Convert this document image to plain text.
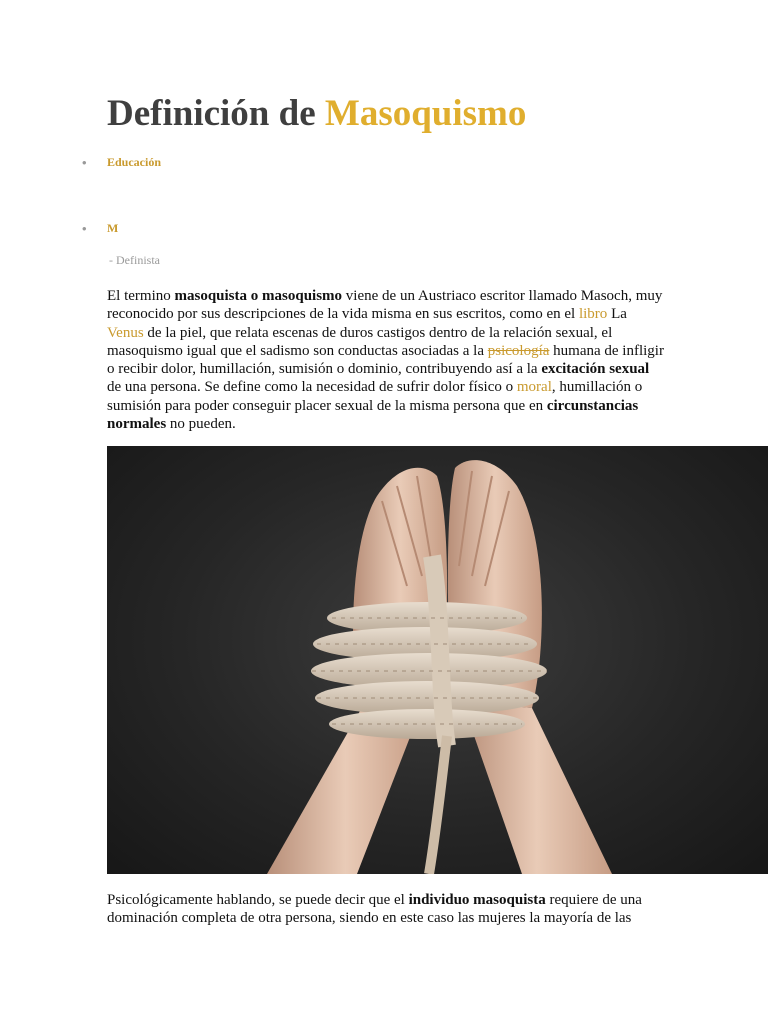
Definición de Masoquismo
• Educación
• M
- Definista

El termino masoquista o masoquismo viene de un Austriaco escritor llamado Masoch, muy reconocido por sus descripciones de la vida misma en sus escritos, como en el libro La Venus de la piel, que relata escenas de duros castigos dentro de la relación sexual, el masoquismo igual que el sadismo son conductas asociadas a la psicología humana de infligir o recibir dolor, humillación, sumisión o dominio, contribuyendo así a la excitación sexual de una persona. Se define como la necesidad de sufrir dolor físico o moral, humillación o sumisión para poder conseguir placer sexual de la misma persona que en circunstancias normales no pueden.

Psicológicamente hablando, se puede decir que el individuo masoquista requiere de una dominación completa de otra persona, siendo en este caso las mujeres la mayoría de las
